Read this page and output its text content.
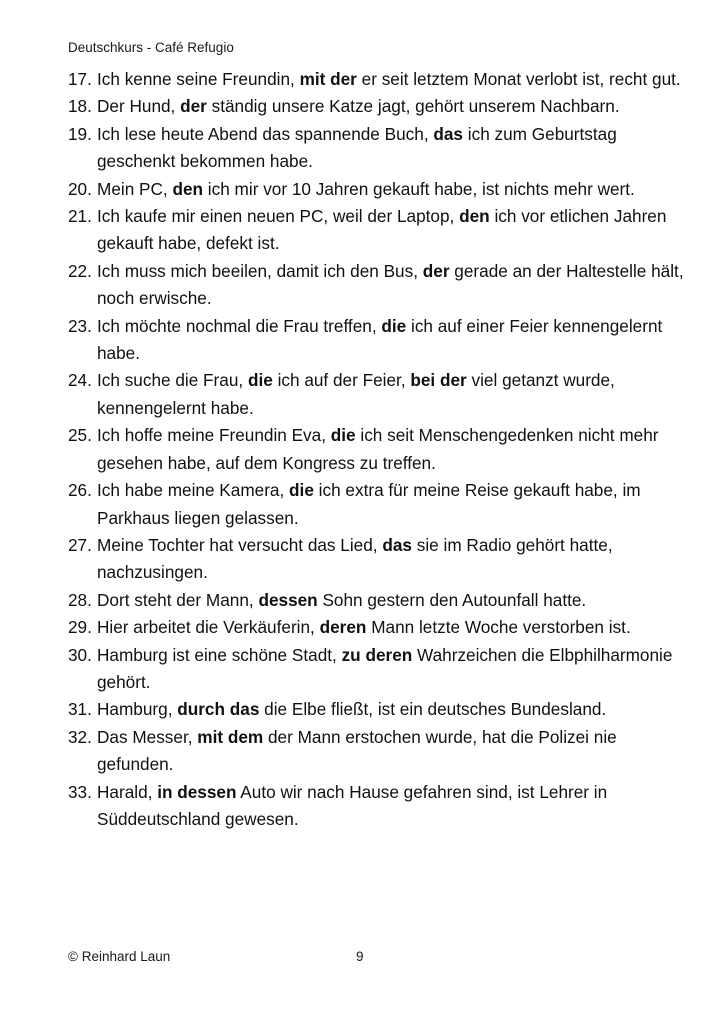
Deutschkurs - Café Refugio
17. Ich kenne seine Freundin, mit der er seit letztem Monat verlobt ist, recht gut.
18. Der Hund, der ständig unsere Katze jagt, gehört unserem Nachbarn.
19. Ich lese heute Abend das spannende Buch, das ich zum Geburtstag geschenkt bekommen habe.
20. Mein PC, den ich mir vor 10 Jahren gekauft habe, ist nichts mehr wert.
21. Ich kaufe mir einen neuen PC, weil der Laptop, den ich vor etlichen Jahren gekauft habe, defekt ist.
22. Ich muss mich beeilen, damit ich den Bus, der gerade an der Haltestelle hält, noch erwische.
23. Ich möchte nochmal die Frau treffen, die ich auf einer Feier kennengelernt habe.
24. Ich suche die Frau, die ich auf der Feier, bei der viel getanzt wurde, kennengelernt habe.
25. Ich hoffe meine Freundin Eva, die ich seit Menschengedenken nicht mehr gesehen habe, auf dem Kongress zu treffen.
26. Ich habe meine Kamera, die ich extra für meine Reise gekauft habe, im Parkhaus liegen gelassen.
27. Meine Tochter hat versucht das Lied, das sie im Radio gehört hatte, nachzusingen.
28. Dort steht der Mann, dessen Sohn gestern den Autounfall hatte.
29. Hier arbeitet die Verkäuferin, deren Mann letzte Woche verstorben ist.
30. Hamburg ist eine schöne Stadt, zu deren Wahrzeichen die Elbphilharmonie gehört.
31. Hamburg, durch das die Elbe fließt, ist ein deutsches Bundesland.
32. Das Messer, mit dem der Mann erstochen wurde, hat die Polizei nie gefunden.
33. Harald, in dessen Auto wir nach Hause gefahren sind, ist Lehrer in Süddeutschland gewesen.
© Reinhard Laun	9
